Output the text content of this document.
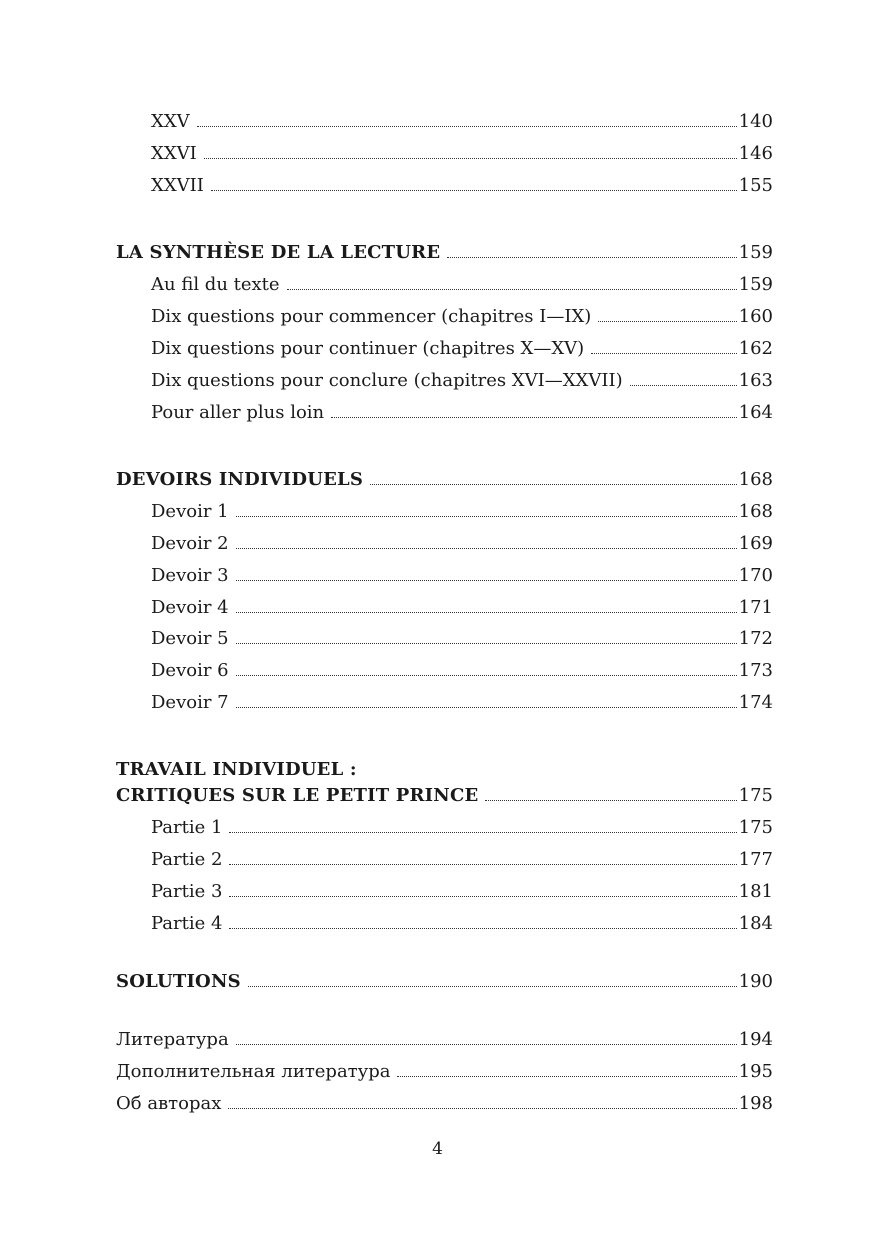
XXV	140
XXVI	146
XXVII	155
LA SYNTHÈSE DE LA LECTURE	159
Au fil du texte	159
Dix questions pour commencer (chapitres I—IX)	160
Dix questions pour continuer (chapitres X—XV)	162
Dix questions pour conclure (chapitres XVI—XXVII)	163
Pour aller plus loin	164
DEVOIRS INDIVIDUELS	168
Devoir 1	168
Devoir 2	169
Devoir 3	170
Devoir 4	171
Devoir 5	172
Devoir 6	173
Devoir 7	174
TRAVAIL INDIVIDUEL :
CRITIQUES SUR LE PETIT PRINCE	175
Partie 1	175
Partie 2	177
Partie 3	181
Partie 4	184
SOLUTIONS	190
Литература	194
Дополнительная литература	195
Об авторах	198
4
